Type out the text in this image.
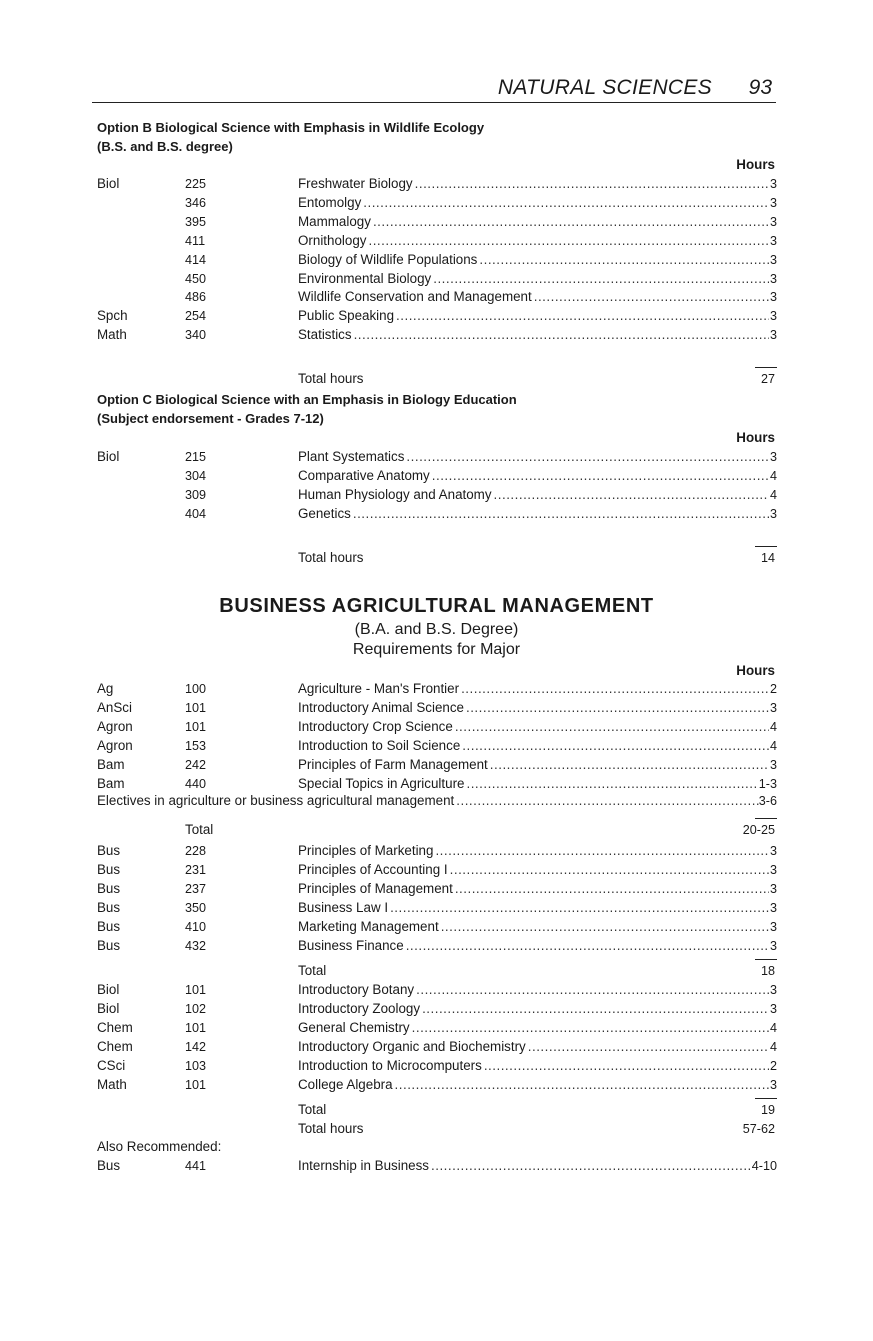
NATURAL SCIENCES 93
Option B Biological Science with Emphasis in Wildlife Ecology
(B.S. and B.S. degree)
Hours
Biol	225	Freshwater Biology .....	3
346	Entomolgy .....	3
395	Mammalogy .....	3
411	Ornithology .....	3
414	Biology of Wildlife Populations .....	3
450	Environmental Biology .....	3
486	Wildlife Conservation and Management .....	3
Spch	254	Public Speaking .....	3
Math	340	Statistics .....	3
Total hours	27
Option C Biological Science with an Emphasis in Biology Education
(Subject endorsement - Grades 7-12)
Hours
Biol	215	Plant Systematics .....	3
304	Comparative Anatomy .....	4
309	Human Physiology and Anatomy .....	4
404	Genetics .....	3
Total hours	14
BUSINESS AGRICULTURAL MANAGEMENT
(B.A. and B.S. Degree)
Requirements for Major
Hours
Ag	100	Agriculture - Man's Frontier .....	2
AnSci	101	Introductory Animal Science .....	3
Agron	101	Introductory Crop Science .....	4
Agron	153	Introduction to Soil Science .....	4
Bam	242	Principles of Farm Management .....	3
Bam	440	Special Topics in Agriculture .....	1-3
Electives in agriculture or business agricultural management .....	3-6
Total	20-25
Bus	228	Principles of Marketing .....	3
Bus	231	Principles of Accounting I .....	3
Bus	237	Principles of Management .....	3
Bus	350	Business Law I .....	3
Bus	410	Marketing Management .....	3
Bus	432	Business Finance .....	3
Total	18
Biol	101	Introductory Botany .....	3
Biol	102	Introductory Zoology .....	3
Chem	101	General Chemistry .....	4
Chem	142	Introductory Organic and Biochemistry .....	4
CSci	103	Introduction to Microcomputers .....	2
Math	101	College Algebra .....	3
Total	19
Total hours	57-62
Also Recommended:
Bus	441	Internship in Business .....	4-10
